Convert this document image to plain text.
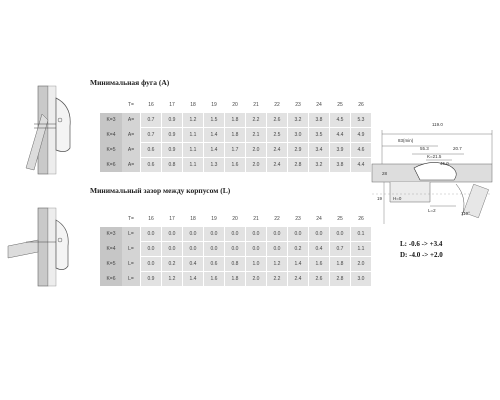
Минимальная фуга (A)
	T=	16	17	18	19	20	21	22	23	24	25	26
K=3	A=	0.7	0.9	1.2	1.5	1.8	2.2	2.6	3.2	3.8	4.5	5.3
K=4	A=	0.7	0.9	1.1	1.4	1.8	2.1	2.5	3.0	3.5	4.4	4.9
K=5	A=	0.6	0.9	1.1	1.4	1.7	2.0	2.4	2.9	3.4	3.9	4.6
K=6	A=	0.6	0.8	1.1	1.3	1.6	2.0	2.4	2.8	3.2	3.8	4.4
Минимальный зазор между корпусом (L)
	T=	16	17	18	19	20	21	22	23	24	25	26
K=3	L=	0.0	0.0	0.0	0.0	0.0	0.0	0.0	0.0	0.0	0.0	0.1
K=4	L=	0.0	0.0	0.0	0.0	0.0	0.0	0.0	0.2	0.4	0.7	1.1
K=5	L=	0.0	0.2	0.4	0.6	0.8	1.0	1.2	1.4	1.6	1.8	2.0
K=6	L=	0.9	1.2	1.4	1.6	1.8	2.0	2.2	2.4	2.6	2.8	3.0
119.0
83(min)
55.3	20.7
K=21.5
45.0
28
19 H=0
L=2
110°
L: -0.6 -> +3.4
D: -4.0 -> +2.0
